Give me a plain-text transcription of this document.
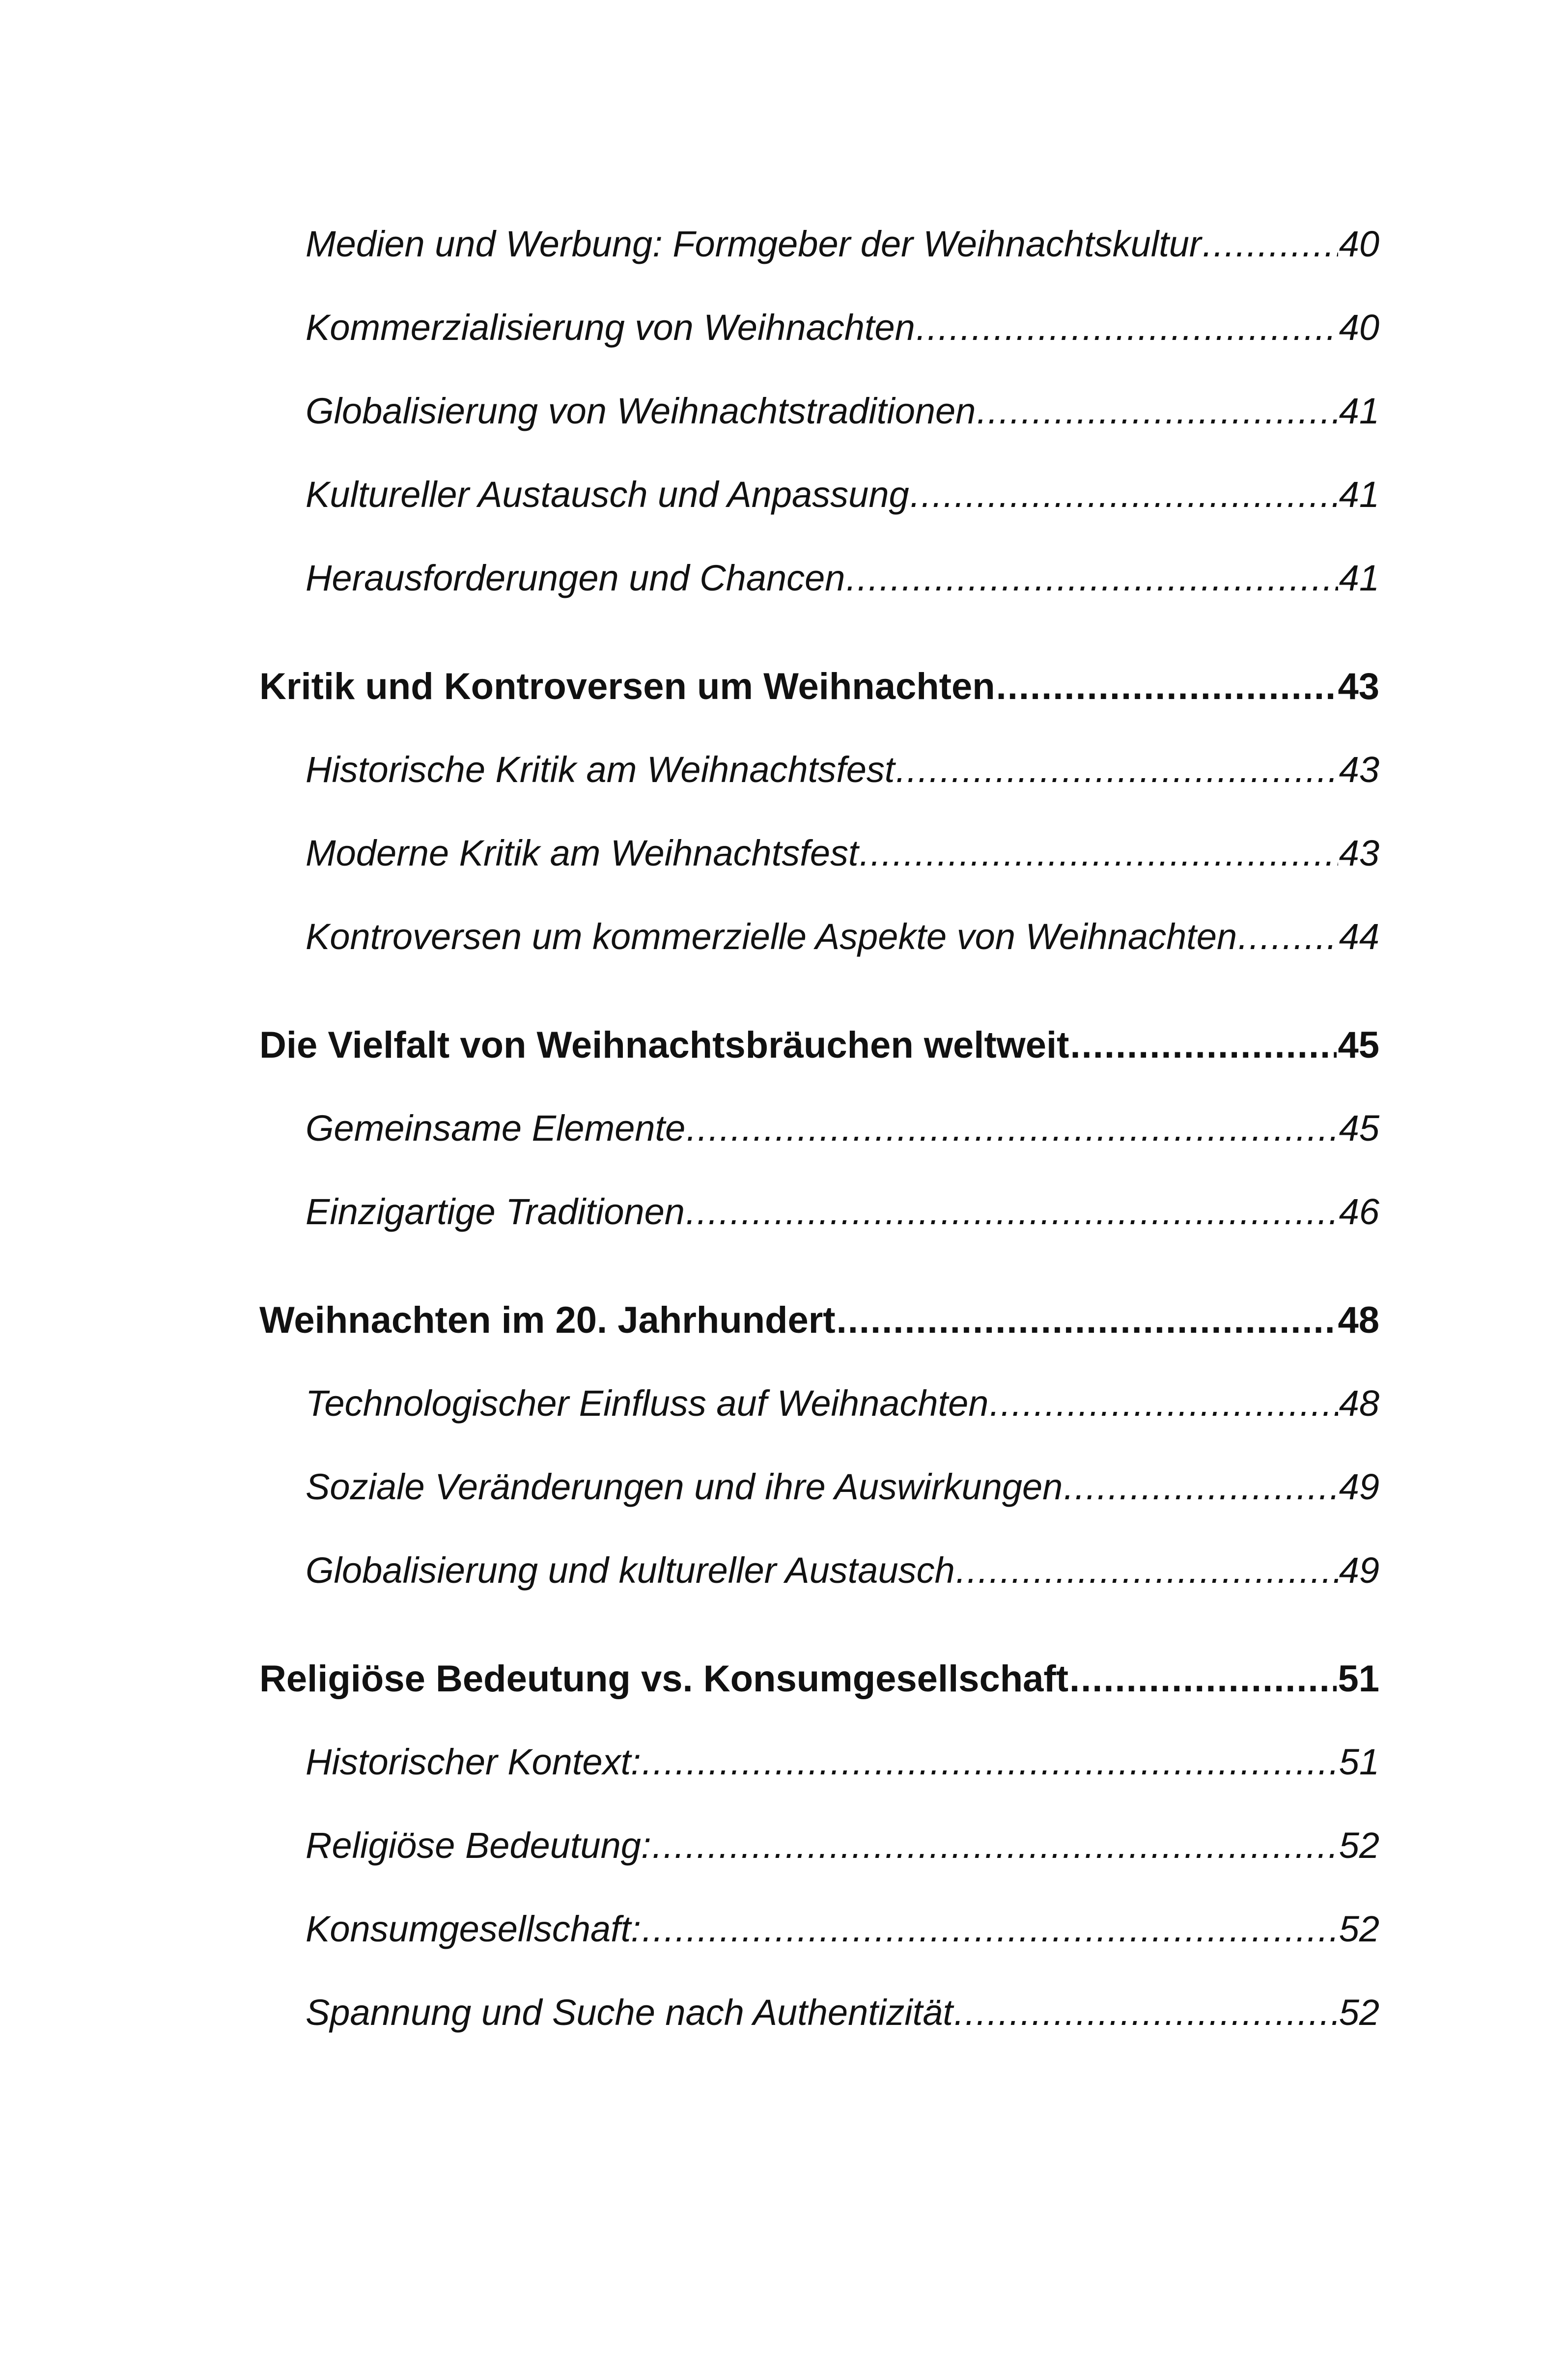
Medien und Werbung: Formgeber der Weihnachtskultur .....	40
Kommerzialisierung von Weihnachten .....	40
Globalisierung von Weihnachtstraditionen .....	41
Kultureller Austausch und Anpassung .....	41
Herausforderungen und Chancen .....	41
Kritik und Kontroversen um Weihnachten .....	43
Historische Kritik am Weihnachtsfest .....	43
Moderne Kritik am Weihnachtsfest .....	43
Kontroversen um kommerzielle Aspekte von Weihnachten .....	44
Die Vielfalt von Weihnachtsbräuchen weltweit .....	45
Gemeinsame Elemente .....	45
Einzigartige Traditionen .....	46
Weihnachten im 20. Jahrhundert .....	48
Technologischer Einfluss auf Weihnachten .....	48
Soziale Veränderungen und ihre Auswirkungen .....	49
Globalisierung und kultureller Austausch .....	49
Religiöse Bedeutung vs. Konsumgesellschaft .....	51
Historischer Kontext: .....	51
Religiöse Bedeutung: .....	52
Konsumgesellschaft: .....	52
Spannung und Suche nach Authentizität .....	52
